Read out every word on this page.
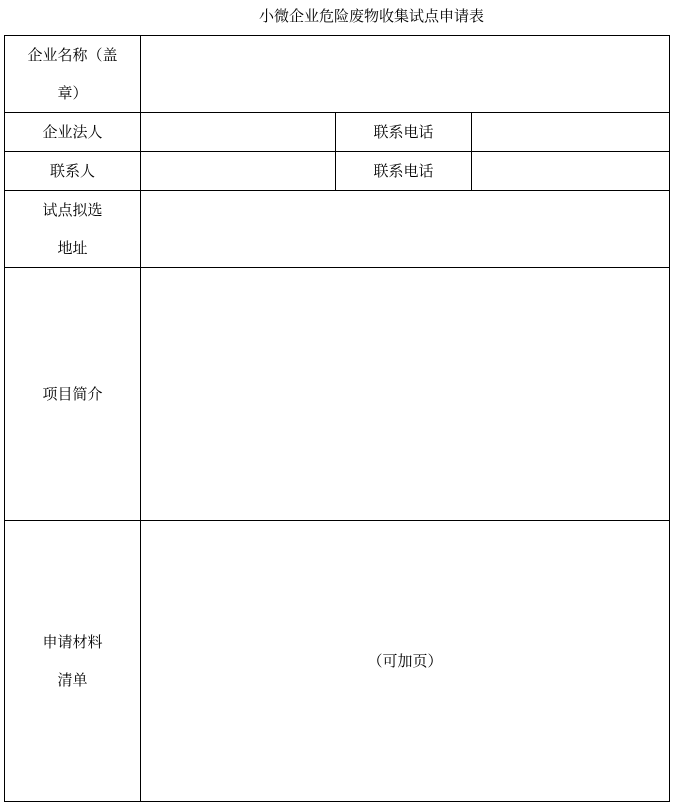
小微企业危险废物收集试点申请表
企业名称（盖
章）			

企业法人		联系电话	
联系人		联系电话	

试点拟选
地址			

项目简介			

申请材料
清单	（可加页）		
